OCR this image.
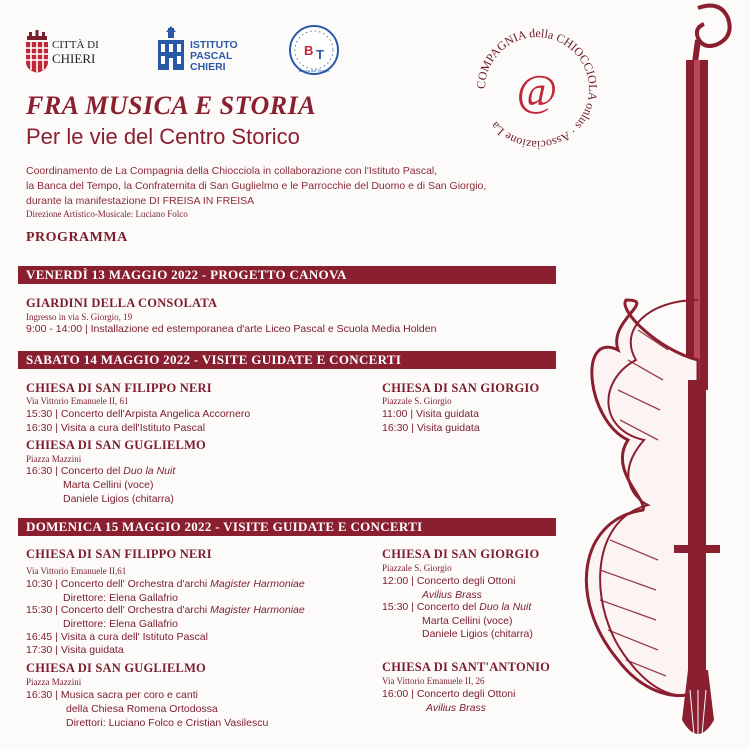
CITTÀ DI
CHIERI
ISTITUTO
PASCAL
CHIERI
B T
Banca del Tempo
COMPAGNIA della CHIOCCIOLA onlus · Associazione La
@
FRA MUSICA E STORIA
Per le vie del Centro Storico
Coordinamento de La Compagnia della Chiocciola in collaborazione con l'Istituto Pascal,
la Banca del Tempo, la Confraternita di San Guglielmo e le Parrocchie del Duomo e di San Giorgio,
durante la manifestazione DI FREISA IN FREISA
Direzione Artistico-Musicale: Luciano Folco
PROGRAMMA
VENERDÌ 13 MAGGIO 2022 - PROGETTO CANOVA
GIARDINI DELLA CONSOLATA
Ingresso in via S. Giorgio, 19
9:00 - 14:00 | Installazione ed estemporanea d'arte Liceo Pascal e Scuola Media Holden
SABATO 14 MAGGIO 2022 - VISITE GUIDATE E CONCERTI
CHIESA DI SAN FILIPPO NERI
Via Vittorio Emanuele II, 61
15:30 | Concerto dell'Arpista Angelica Accornero
16:30 | Visita a cura dell'Istituto Pascal
CHIESA DI SAN GUGLIELMO
Piazza Mazzini
16:30 | Concerto del Duo la Nuit
Marta Cellini (voce)
Daniele Ligios (chitarra)
CHIESA DI SAN GIORGIO
Piazzale S. Giorgio
11:00 | Visita guidata
16:30 | Visita guidata
DOMENICA 15 MAGGIO 2022 - VISITE GUIDATE E CONCERTI
CHIESA DI SAN FILIPPO NERI
Via Vittorio Emanuele II,61
10:30 | Concerto dell' Orchestra d'archi Magister Harmoniae
Direttore: Elena Gallafrio
15:30 | Concerto dell' Orchestra d'archi Magister Harmoniae
Direttore: Elena Gallafrio
16:45 | Visita a cura dell' Istituto Pascal
17:30 | Visita guidata
CHIESA DI SAN GUGLIELMO
Piazza Mazzini
16:30 | Musica sacra per coro e canti
della Chiesa Romena Ortodossa
Direttori: Luciano Folco e Cristian Vasilescu
CHIESA DI SAN GIORGIO
Piazzale S. Giorgio
12:00 | Concerto degli Ottoni
Avilius Brass
15:30 | Concerto del Duo la Nuit
Marta Cellini (voce)
Daniele Ligios (chitarra)
CHIESA DI SANT'ANTONIO
Via Vittorio Emanuele II, 26
16:00 | Concerto degli Ottoni
Avilius Brass
